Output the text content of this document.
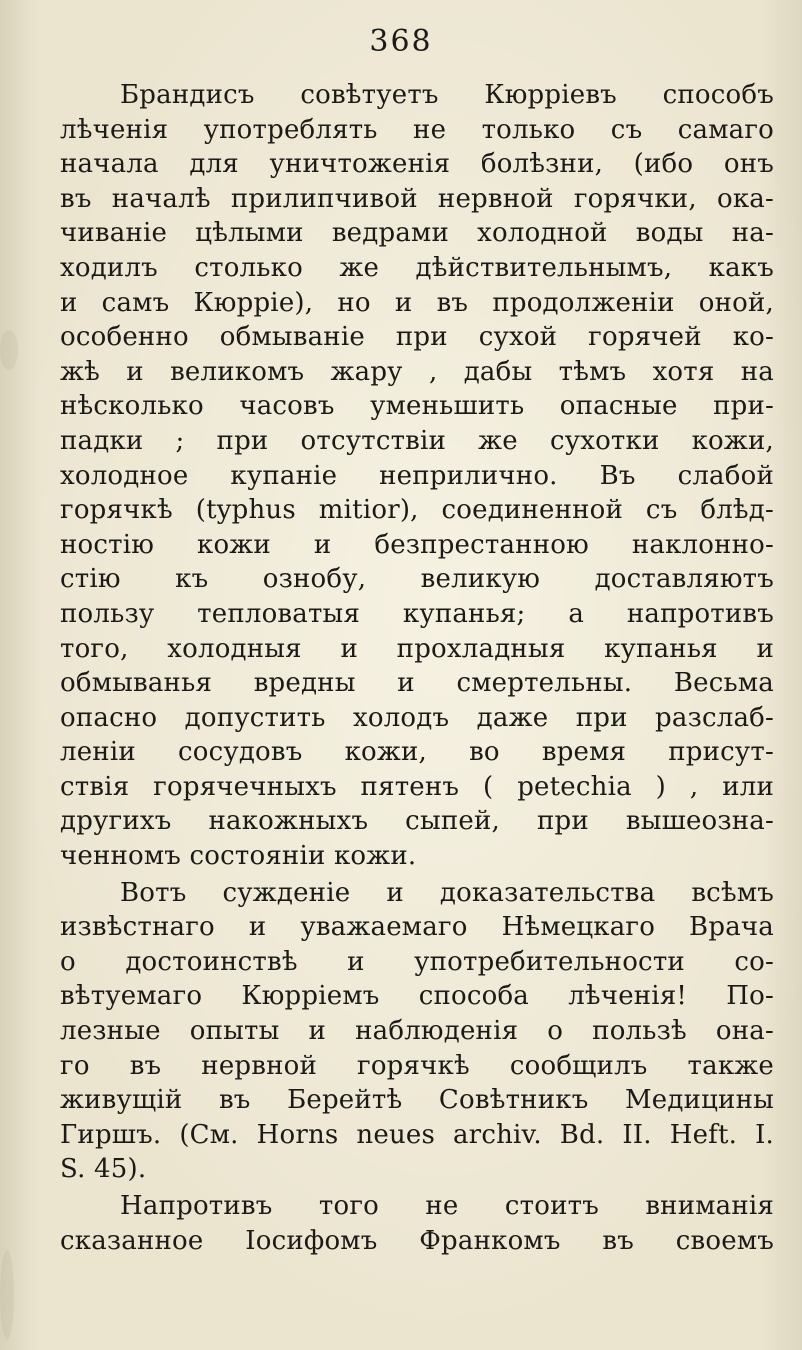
368
Брандисъ совѣтуетъ Кюрріевъ способъ
лѣченія употреблять не только съ самаго
начала для уничтоженія болѣзни, (ибо онъ
въ началѣ прилипчивой нервной горячки, ока-
чиваніе цѣлыми ведрами холодной воды на-
ходилъ столько же дѣйствительнымъ, какъ
и самъ Кюрріе), но и въ продолженіи оной,
особенно обмываніе при сухой горячей ко-
жѣ и великомъ жару , дабы тѣмъ хотя на
нѣсколько часовъ уменьшить опасные при-
падки ; при отсутствіи же сухотки кожи,
холодное купаніе неприлично. Въ слабой
горячкѣ (typhus mitior), соединенной съ блѣд-
ностію кожи и безпрестанною наклонно-
стію къ ознобу, великую доставляютъ
пользу тепловатыя купанья; а напротивъ
того, холодныя и прохладныя купанья и
обмыванья вредны и смертельны. Весьма
опасно допустить холодъ даже при разслаб-
леніи сосудовъ кожи, во время присут-
ствія горячечныхъ пятенъ ( petechia ) , или
другихъ накожныхъ сыпей, при вышеозна-
ченномъ состояніи кожи.
Вотъ сужденіе и доказательства всѣмъ
извѣстнаго и уважаемаго Нѣмецкаго Врача
о достоинствѣ и употребительности со-
вѣтуемаго Кюрріемъ способа лѣченія! По-
лезные опыты и наблюденія о пользѣ она-
го въ нервной горячкѣ сообщилъ также
живущій въ Берейтѣ Совѣтникъ Медицины
Гиршъ. (См. Horns neues archiv. Bd. II. Heft. I.
S. 45).
Напротивъ того не стоитъ вниманія
сказанное Іосифомъ Франкомъ въ своемъ
